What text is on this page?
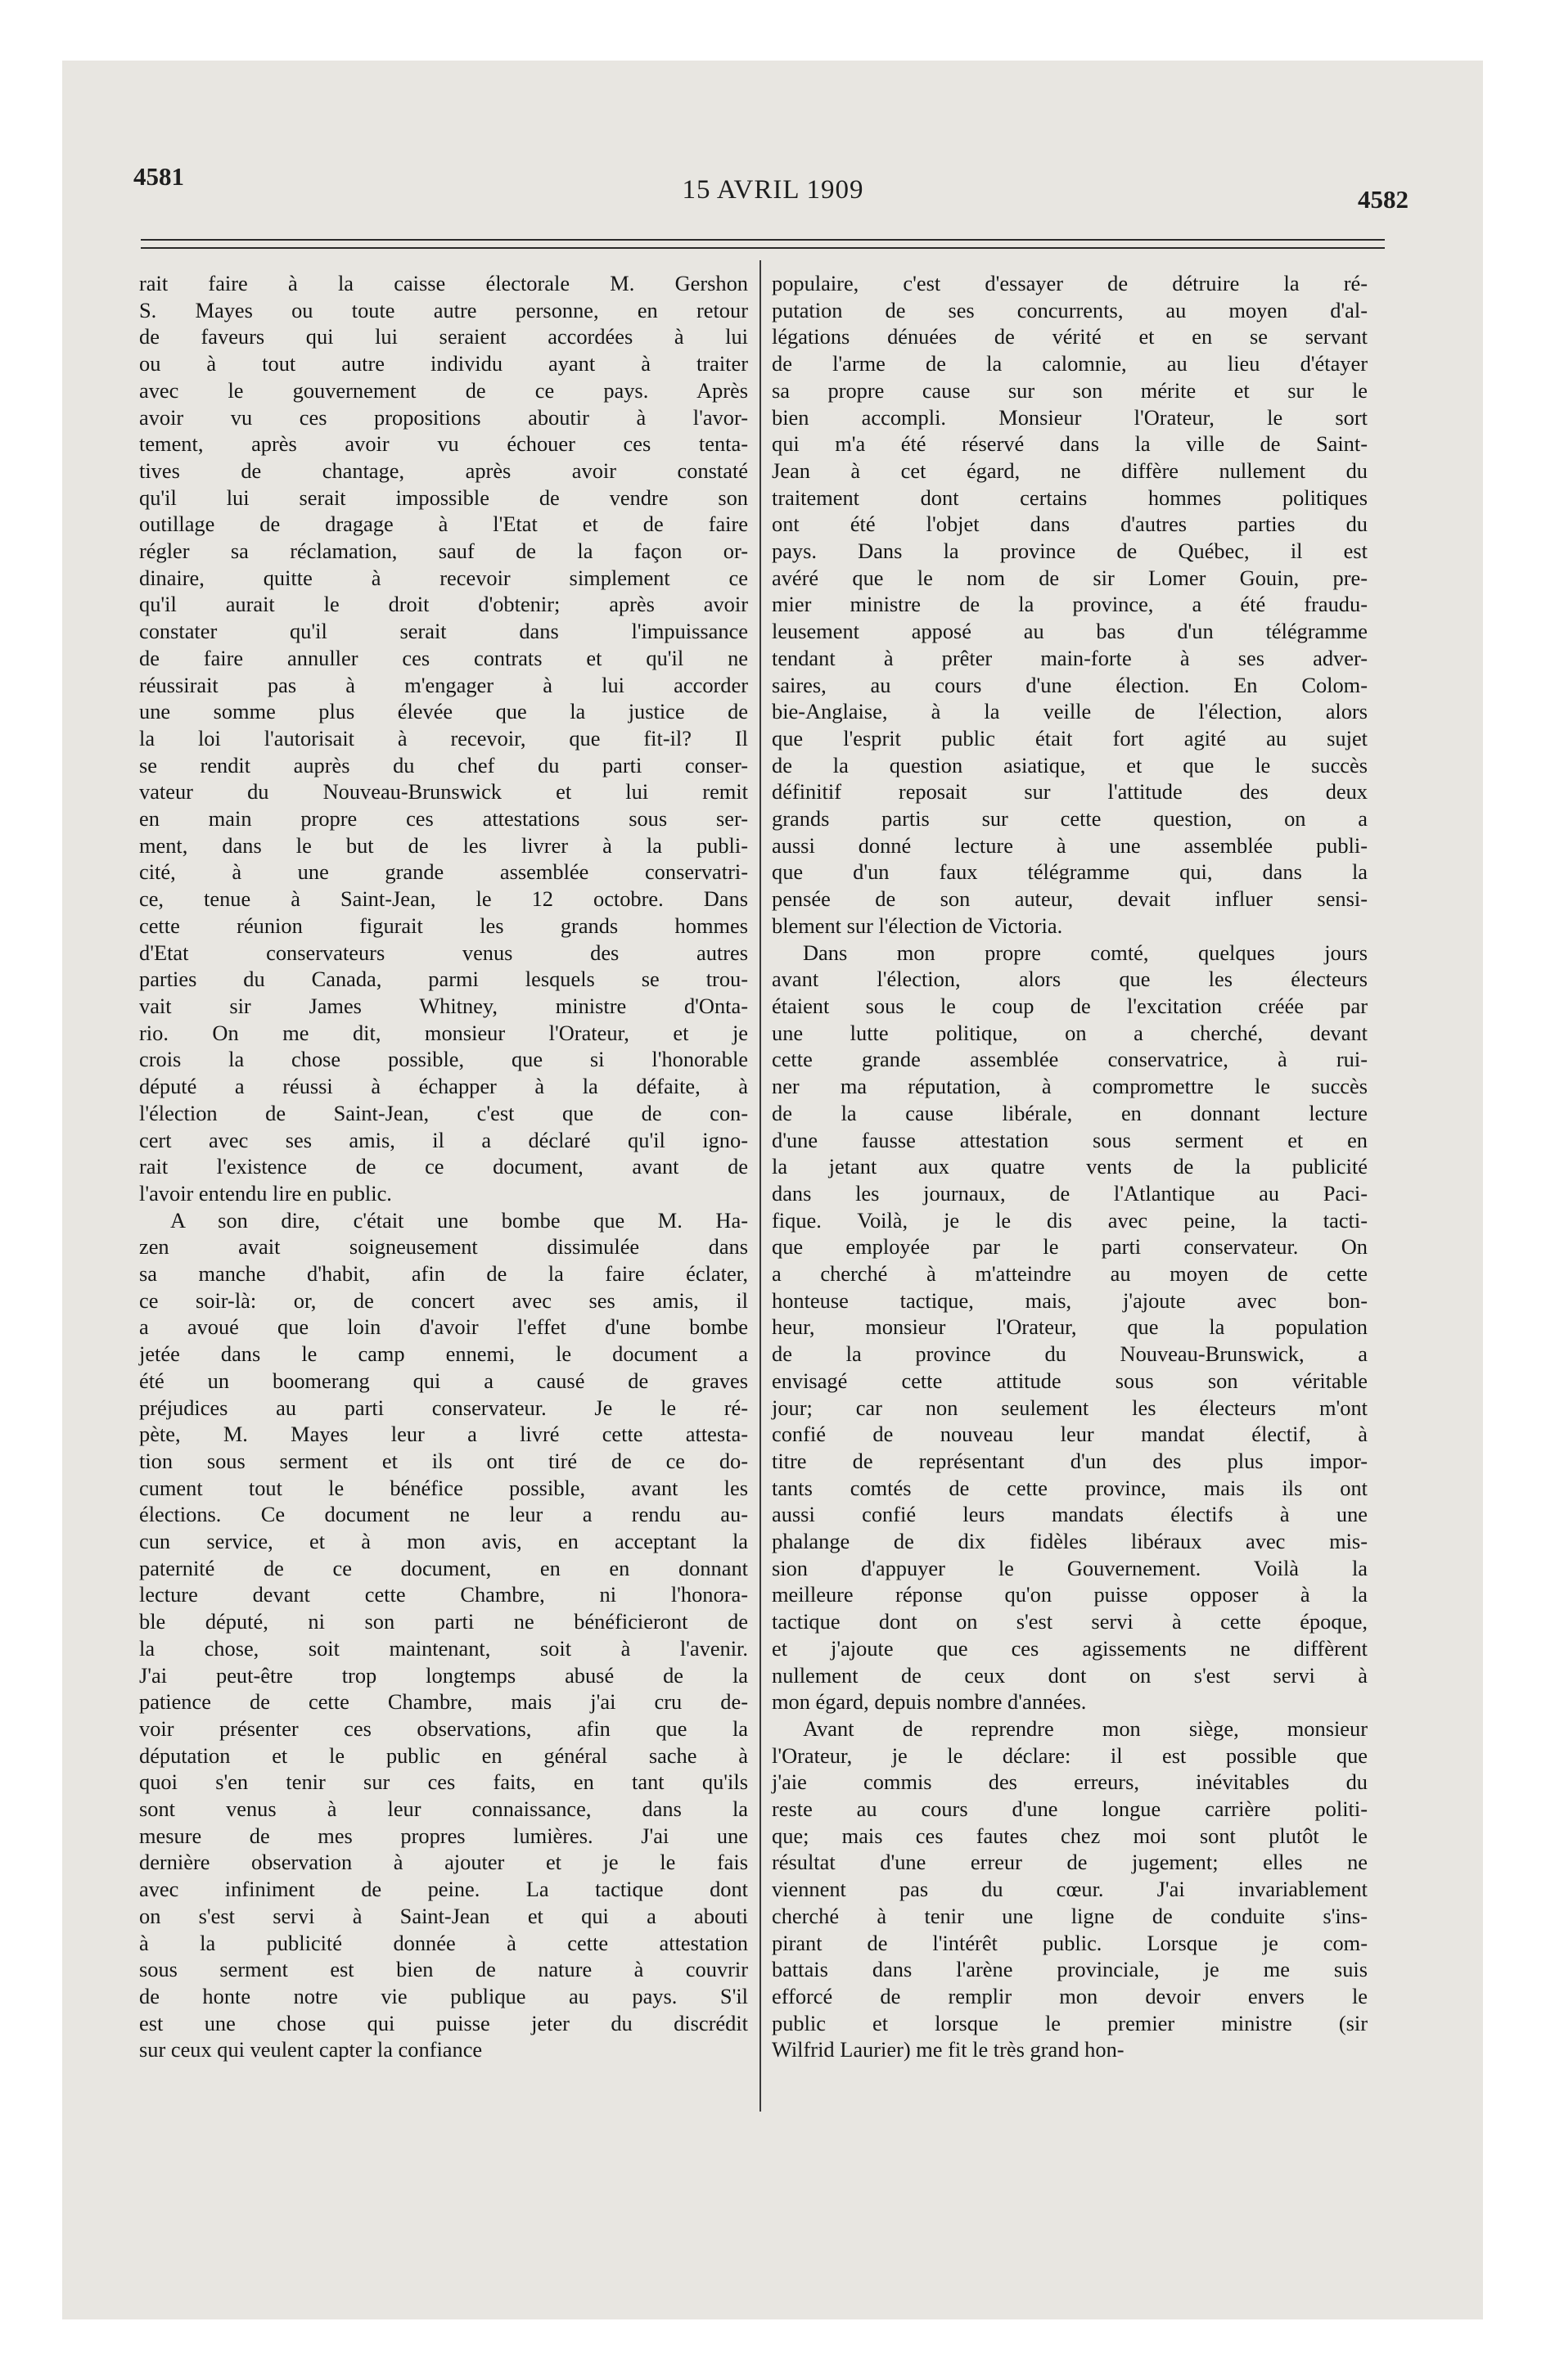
4581	15 AVRIL 1909	4582
rait faire à la caisse électorale M. Gershon
S. Mayes ou toute autre personne, en retour
de faveurs qui lui seraient accordées à lui
ou à tout autre individu ayant à traiter
avec le gouvernement de ce pays. Après
avoir vu ces propositions aboutir à l'avor-
tement, après avoir vu échouer ces tenta-
tives de chantage, après avoir constaté
qu'il lui serait impossible de vendre son
outillage de dragage à l'Etat et de faire
régler sa réclamation, sauf de la façon or-
dinaire, quitte à recevoir simplement ce
qu'il aurait le droit d'obtenir; après avoir
constater qu'il serait dans l'impuissance
de faire annuller ces contrats et qu'il ne
réussirait pas à m'engager à lui accorder
une somme plus élevée que la justice de
la loi l'autorisait à recevoir, que fit-il? Il
se rendit auprès du chef du parti conser-
vateur du Nouveau-Brunswick et lui remit
en main propre ces attestations sous ser-
ment, dans le but de les livrer à la publi-
cité, à une grande assemblée conservatri-
ce, tenue à Saint-Jean, le 12 octobre. Dans
cette réunion figurait les grands hommes
d'Etat conservateurs venus des autres
parties du Canada, parmi lesquels se trou-
vait sir James Whitney, ministre d'Onta-
rio. On me dit, monsieur l'Orateur, et je
crois la chose possible, que si l'honorable
député a réussi à échapper à la défaite, à
l'élection de Saint-Jean, c'est que de con-
cert avec ses amis, il a déclaré qu'il igno-
rait l'existence de ce document, avant de
l'avoir entendu lire en public.
A son dire, c'était une bombe que M. Ha-
zen avait soigneusement dissimulée dans
sa manche d'habit, afin de la faire éclater,
ce soir-là: or, de concert avec ses amis, il
a avoué que loin d'avoir l'effet d'une bombe
jetée dans le camp ennemi, le document a
été un boomerang qui a causé de graves
préjudices au parti conservateur. Je le ré-
pète, M. Mayes leur a livré cette attesta-
tion sous serment et ils ont tiré de ce do-
cument tout le bénéfice possible, avant les
élections. Ce document ne leur a rendu au-
cun service, et à mon avis, en acceptant la
paternité de ce document, en en donnant
lecture devant cette Chambre, ni l'honora-
ble député, ni son parti ne bénéficieront de
la chose, soit maintenant, soit à l'avenir.
J'ai peut-être trop longtemps abusé de la
patience de cette Chambre, mais j'ai cru de-
voir présenter ces observations, afin que la
députation et le public en général sache à
quoi s'en tenir sur ces faits, en tant qu'ils
sont venus à leur connaissance, dans la
mesure de mes propres lumières. J'ai une
dernière observation à ajouter et je le fais
avec infiniment de peine. La tactique dont
on s'est servi à Saint-Jean et qui a abouti
à la publicité donnée à cette attestation
sous serment est bien de nature à couvrir
de honte notre vie publique au pays. S'il
est une chose qui puisse jeter du discrédit
sur ceux qui veulent capter la confiance
populaire, c'est d'essayer de détruire la ré-
putation de ses concurrents, au moyen d'al-
légations dénuées de vérité et en se servant
de l'arme de la calomnie, au lieu d'étayer
sa propre cause sur son mérite et sur le
bien accompli. Monsieur l'Orateur, le sort
qui m'a été réservé dans la ville de Saint-
Jean à cet égard, ne diffère nullement du
traitement dont certains hommes politiques
ont été l'objet dans d'autres parties du
pays. Dans la province de Québec, il est
avéré que le nom de sir Lomer Gouin, pre-
mier ministre de la province, a été fraudu-
leusement apposé au bas d'un télégramme
tendant à prêter main-forte à ses adver-
saires, au cours d'une élection. En Colom-
bie-Anglaise, à la veille de l'élection, alors
que l'esprit public était fort agité au sujet
de la question asiatique, et que le succès
définitif reposait sur l'attitude des deux
grands partis sur cette question, on a
aussi donné lecture à une assemblée publi-
que d'un faux télégramme qui, dans la
pensée de son auteur, devait influer sensi-
blement sur l'élection de Victoria.
Dans mon propre comté, quelques jours
avant l'élection, alors que les électeurs
étaient sous le coup de l'excitation créée par
une lutte politique, on a cherché, devant
cette grande assemblée conservatrice, à rui-
ner ma réputation, à compromettre le succès
de la cause libérale, en donnant lecture
d'une fausse attestation sous serment et en
la jetant aux quatre vents de la publicité
dans les journaux, de l'Atlantique au Paci-
fique. Voilà, je le dis avec peine, la tacti-
que employée par le parti conservateur. On
a cherché à m'atteindre au moyen de cette
honteuse tactique, mais, j'ajoute avec bon-
heur, monsieur l'Orateur, que la population
de la province du Nouveau-Brunswick, a
envisagé cette attitude sous son véritable
jour; car non seulement les électeurs m'ont
confié de nouveau leur mandat électif, à
titre de représentant d'un des plus impor-
tants comtés de cette province, mais ils ont
aussi confié leurs mandats électifs à une
phalange de dix fidèles libéraux avec mis-
sion d'appuyer le Gouvernement. Voilà la
meilleure réponse qu'on puisse opposer à la
tactique dont on s'est servi à cette époque,
et j'ajoute que ces agissements ne diffèrent
nullement de ceux dont on s'est servi à
mon égard, depuis nombre d'années.
Avant de reprendre mon siège, monsieur
l'Orateur, je le déclare: il est possible que
j'aie commis des erreurs, inévitables du
reste au cours d'une longue carrière politi-
que; mais ces fautes chez moi sont plutôt le
résultat d'une erreur de jugement; elles ne
viennent pas du cœur. J'ai invariablement
cherché à tenir une ligne de conduite s'ins-
pirant de l'intérêt public. Lorsque je com-
battais dans l'arène provinciale, je me suis
efforcé de remplir mon devoir envers le
public et lorsque le premier ministre (sir
Wilfrid Laurier) me fit le très grand hon-
